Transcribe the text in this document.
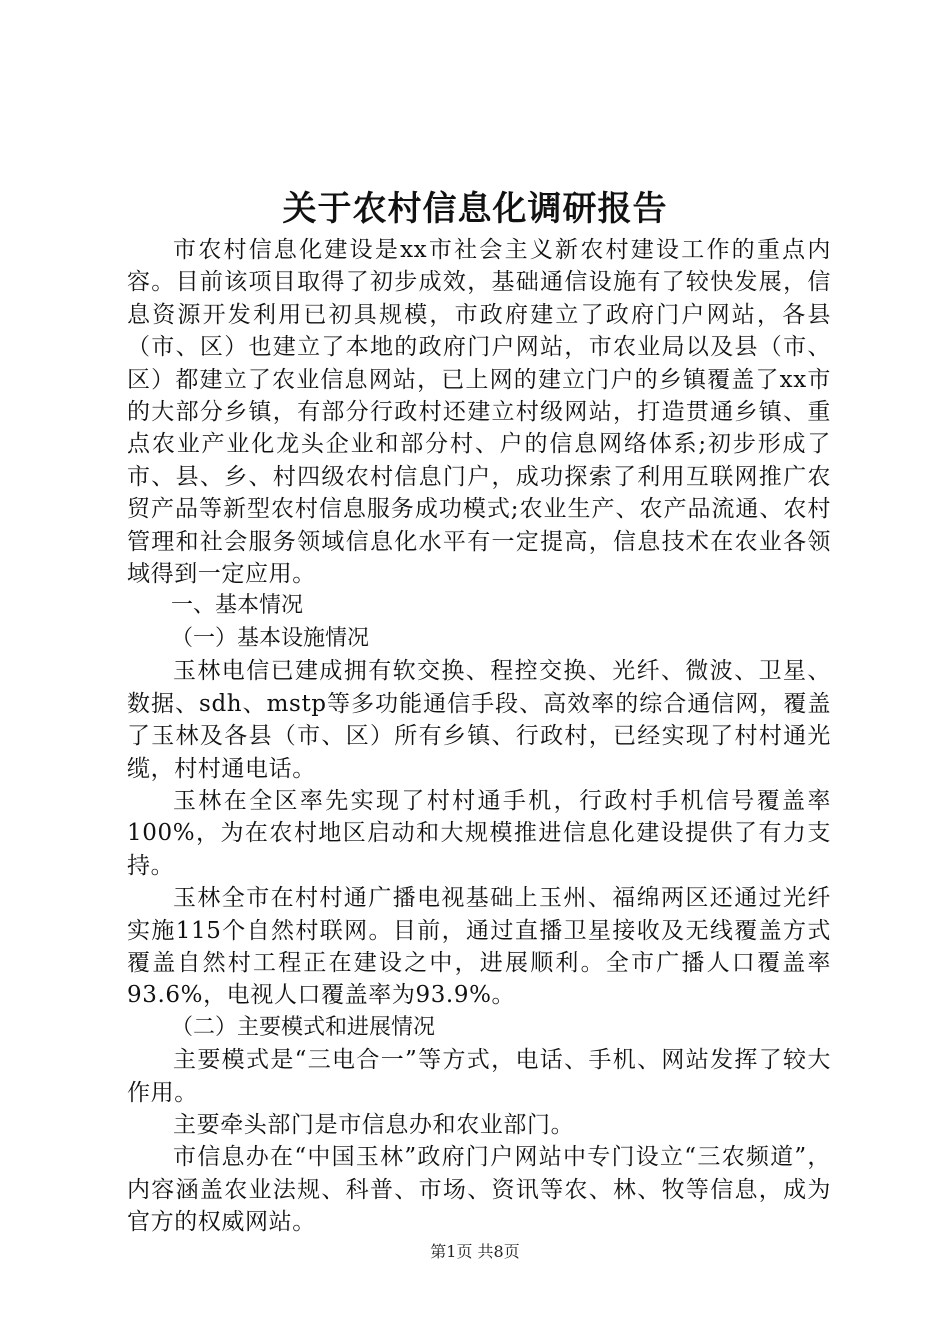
关于农村信息化调研报告

市农村信息化建设是xx市社会主义新农村建设工作的重点内容。目前该项目取得了初步成效，基础通信设施有了较快发展，信息资源开发利用已初具规模，市政府建立了政府门户网站，各县（市、区）也建立了本地的政府门户网站，市农业局以及县（市、区）都建立了农业信息网站，已上网的建立门户的乡镇覆盖了xx市的大部分乡镇，有部分行政村还建立村级网站，打造贯通乡镇、重点农业产业化龙头企业和部分村、户的信息网络体系;初步形成了市、县、乡、村四级农村信息门户，成功探索了利用互联网推广农贸产品等新型农村信息服务成功模式;农业生产、农产品流通、农村管理和社会服务领域信息化水平有一定提高，信息技术在农业各领域得到一定应用。

一、基本情况

（一）基本设施情况

玉林电信已建成拥有软交换、程控交换、光纤、微波、卫星、数据、sdh、mstp等多功能通信手段、高效率的综合通信网，覆盖了玉林及各县（市、区）所有乡镇、行政村，已经实现了村村通光缆，村村通电话。

玉林在全区率先实现了村村通手机，行政村手机信号覆盖率100%，为在农村地区启动和大规模推进信息化建设提供了有力支持。

玉林全市在村村通广播电视基础上玉州、福绵两区还通过光纤实施115个自然村联网。目前，通过直播卫星接收及无线覆盖方式覆盖自然村工程正在建设之中，进展顺利。全市广播人口覆盖率93.6%，电视人口覆盖率为93.9%。

（二）主要模式和进展情况

主要模式是“三电合一”等方式，电话、手机、网站发挥了较大作用。

主要牵头部门是市信息办和农业部门。

市信息办在“中国玉林”政府门户网站中专门设立“三农频道”，内容涵盖农业法规、科普、市场、资讯等农、林、牧等信息，成为官方的权威网站。

第1页 共8页
